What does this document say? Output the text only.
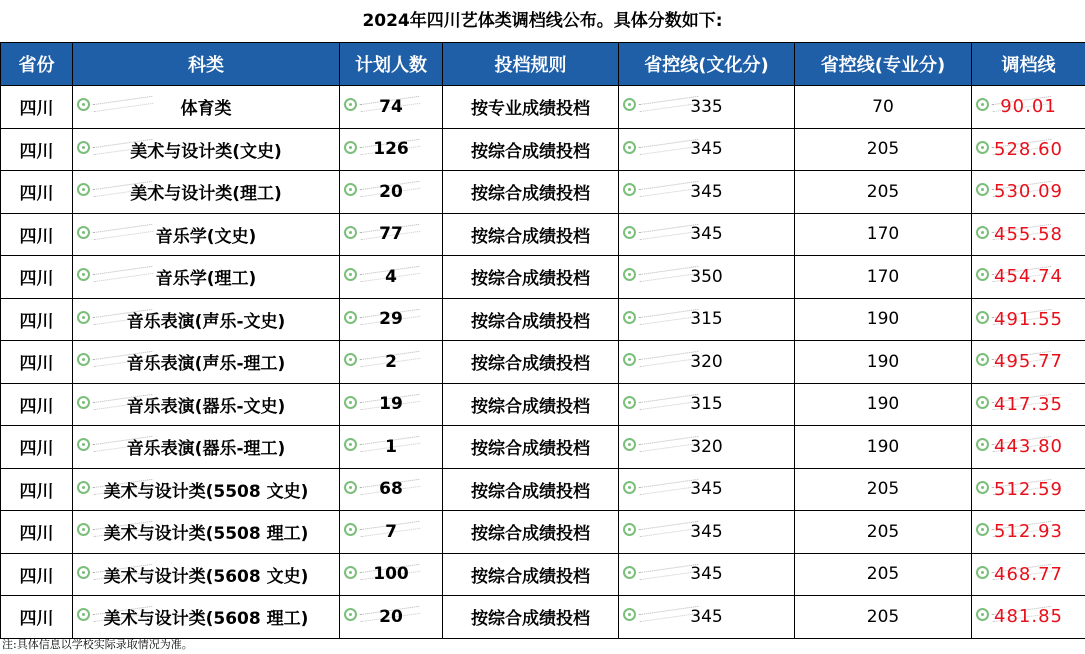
2024年四川艺体类调档线公布。具体分数如下:
省份	科类	计划人数	投档规则	省控线(文化分)	省控线(专业分)	调档线
四川	体育类	74	按专业成绩投档	335	70	90.01
四川	美术与设计类(文史)	126	按综合成绩投档	345	205	528.60
四川	美术与设计类(理工)	20	按综合成绩投档	345	205	530.09
四川	音乐学(文史)	77	按综合成绩投档	345	170	455.58
四川	音乐学(理工)	4	按综合成绩投档	350	170	454.74
四川	音乐表演(声乐-文史)	29	按综合成绩投档	315	190	491.55
四川	音乐表演(声乐-理工)	2	按综合成绩投档	320	190	495.77
四川	音乐表演(器乐-文史)	19	按综合成绩投档	315	190	417.35
四川	音乐表演(器乐-理工)	1	按综合成绩投档	320	190	443.80
四川	美术与设计类(5508 文史)	68	按综合成绩投档	345	205	512.59
四川	美术与设计类(5508 理工)	7	按综合成绩投档	345	205	512.93
四川	美术与设计类(5608 文史)	100	按综合成绩投档	345	205	468.77
四川	美术与设计类(5608 理工)	20	按综合成绩投档	345	205	481.85
注:具体信息以学校实际录取情况为准。
